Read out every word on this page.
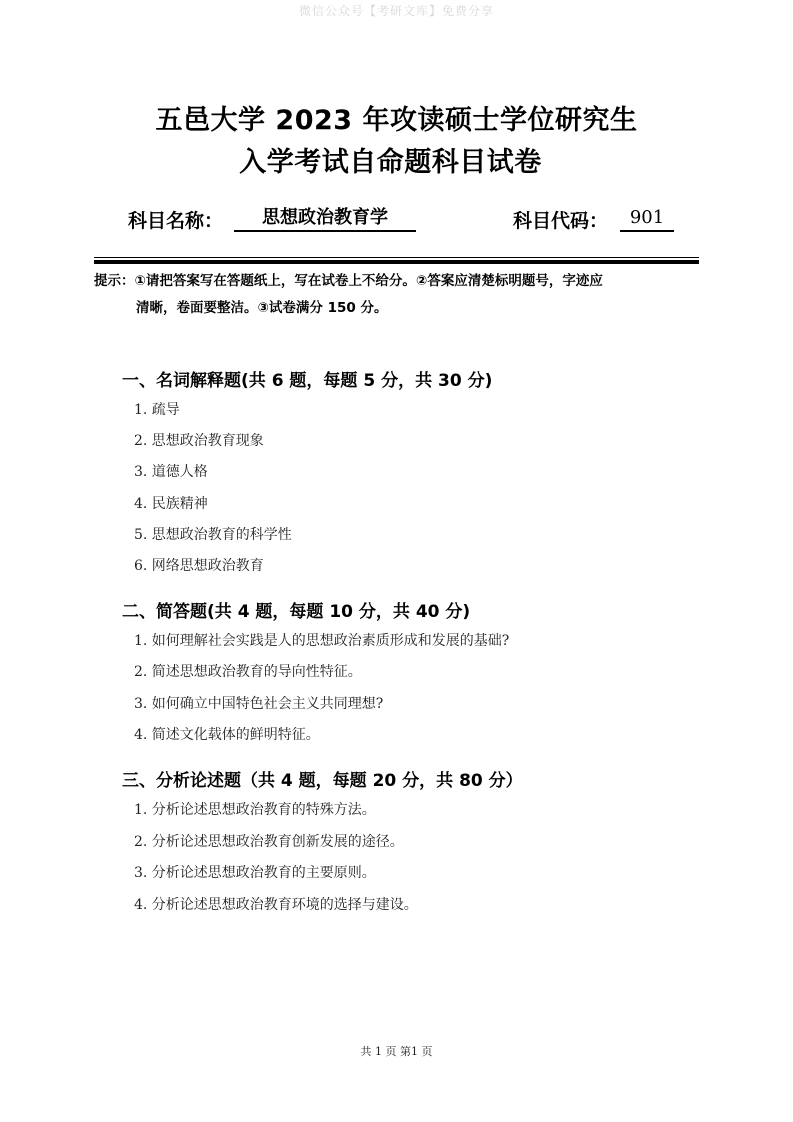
微信公众号【考研文库】免费分享
五邑大学 2023 年攻读硕士学位研究生
入学考试自命题科目试卷
科目名称：	思想政治教育学	科目代码：	901
提示：①请把答案写在答题纸上，写在试卷上不给分。②答案应清楚标明题号，字迹应
清晰，卷面要整洁。③试卷满分 150 分。
一、名词解释题(共 6 题，每题 5 分，共 30 分)
1. 疏导
2. 思想政治教育现象
3. 道德人格
4. 民族精神
5. 思想政治教育的科学性
6. 网络思想政治教育
二、简答题(共 4 题，每题 10 分，共 40 分)
1. 如何理解社会实践是人的思想政治素质形成和发展的基础?
2. 简述思想政治教育的导向性特征。
3. 如何确立中国特色社会主义共同理想?
4. 简述文化载体的鲜明特征。
三、分析论述题（共 4 题，每题 20 分，共 80 分）
1. 分析论述思想政治教育的特殊方法。
2. 分析论述思想政治教育创新发展的途径。
3. 分析论述思想政治教育的主要原则。
4. 分析论述思想政治教育环境的选择与建设。
共 1 页 第1 页
